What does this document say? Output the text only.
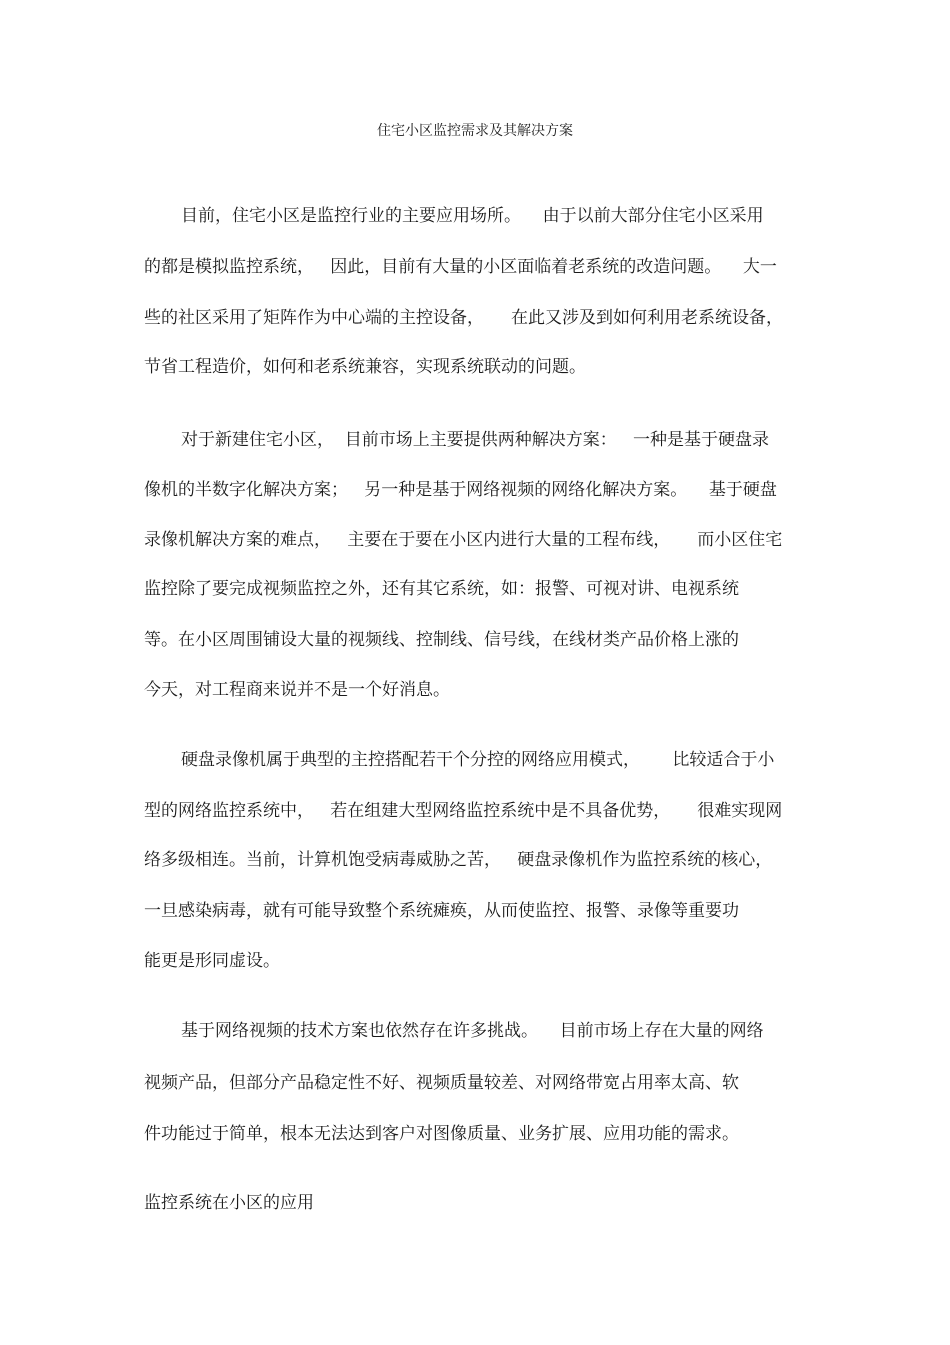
住宅小区监控需求及其解决方案
目前，住宅小区是监控行业的主要应用场所。    由于以前大部分住宅小区采用
的都是模拟监控系统，   因此，目前有大量的小区面临着老系统的改造问题。    大一
些的社区采用了矩阵作为中心端的主控设备，     在此又涉及到如何利用老系统设备，
节省工程造价，如何和老系统兼容，实现系统联动的问题。
对于新建住宅小区，  目前市场上主要提供两种解决方案：   一种是基于硬盘录
像机的半数字化解决方案；   另一种是基于网络视频的网络化解决方案。    基于硬盘
录像机解决方案的难点，   主要在于要在小区内进行大量的工程布线，     而小区住宅
监控除了要完成视频监控之外，还有其它系统，如：报警、可视对讲、电视系统
等。在小区周围铺设大量的视频线、控制线、信号线，在线材类产品价格上涨的
今天，对工程商来说并不是一个好消息。
硬盘录像机属于典型的主控搭配若干个分控的网络应用模式，      比较适合于小
型的网络监控系统中，   若在组建大型网络监控系统中是不具备优势，     很难实现网
络多级相连。当前，计算机饱受病毒威胁之苦，   硬盘录像机作为监控系统的核心，
一旦感染病毒，就有可能导致整个系统瘫痪，从而使监控、报警、录像等重要功
能更是形同虚设。
基于网络视频的技术方案也依然存在许多挑战。    目前市场上存在大量的网络
视频产品，但部分产品稳定性不好、视频质量较差、对网络带宽占用率太高、软
件功能过于简单，根本无法达到客户对图像质量、业务扩展、应用功能的需求。
监控系统在小区的应用
